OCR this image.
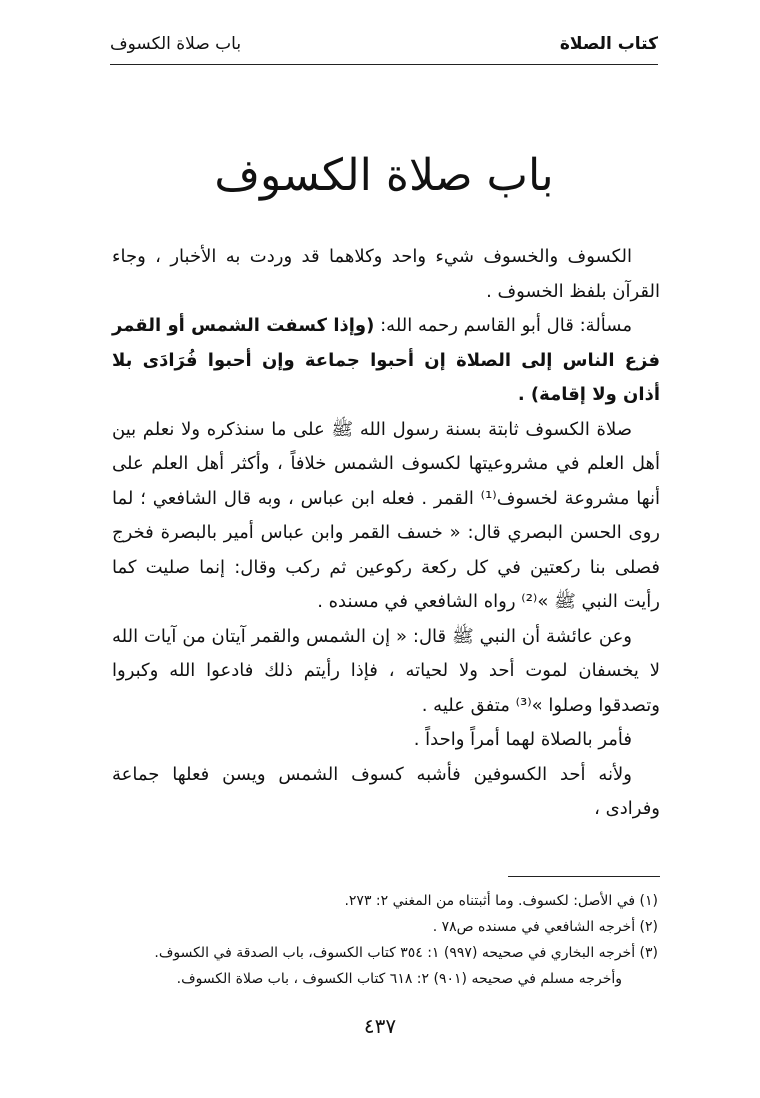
كتاب الصلاة
باب صلاة الكسوف
باب صلاة الكسوف

الكسوف والخسوف شيء واحد وكلاهما قد وردت به الأخبار ، وجاء القرآن بلفظ الخسوف .

مسألة: قال أبو القاسم رحمه الله: (وإذا كسفت الشمس أو القمر فزع الناس إلى الصلاة إن أحبوا جماعة وإن أحبوا فُرَادَى بلا أذان ولا إقامة) .

صلاة الكسوف ثابتة بسنة رسول الله ﷺ على ما سنذكره ولا نعلم بين أهل العلم في مشروعيتها لكسوف الشمس خلافاً ، وأكثر أهل العلم على أنها مشروعة لخسوف⁽¹⁾ القمر . فعله ابن عباس ، وبه قال الشافعي ؛ لما روى الحسن البصري قال: « خسف القمر وابن عباس أمير بالبصرة فخرج فصلى بنا ركعتين في كل ركعة ركوعين ثم ركب وقال: إنما صليت كما رأيت النبي ﷺ »⁽²⁾ رواه الشافعي في مسنده .

وعن عائشة أن النبي ﷺ قال: « إن الشمس والقمر آيتان من آيات الله لا يخسفان لموت أحد ولا لحياته ، فإذا رأيتم ذلك فادعوا الله وكبروا وتصدقوا وصلوا »⁽³⁾ متفق عليه .

فأمر بالصلاة لهما أمراً واحداً .

ولأنه أحد الكسوفين فأشبه كسوف الشمس ويسن فعلها جماعة وفرادى ،

(١) في الأصل: لكسوف. وما أثبتناه من المغني ٢: ٢٧٣.
(٢) أخرجه الشافعي في مسنده ص٧٨ .
(٣) أخرجه البخاري في صحيحه (٩٩٧) ١: ٣٥٤ كتاب الكسوف، باب الصدقة في الكسوف.
وأخرجه مسلم في صحيحه (٩٠١) ٢: ٦١٨ كتاب الكسوف ، باب صلاة الكسوف.
٤٣٧
